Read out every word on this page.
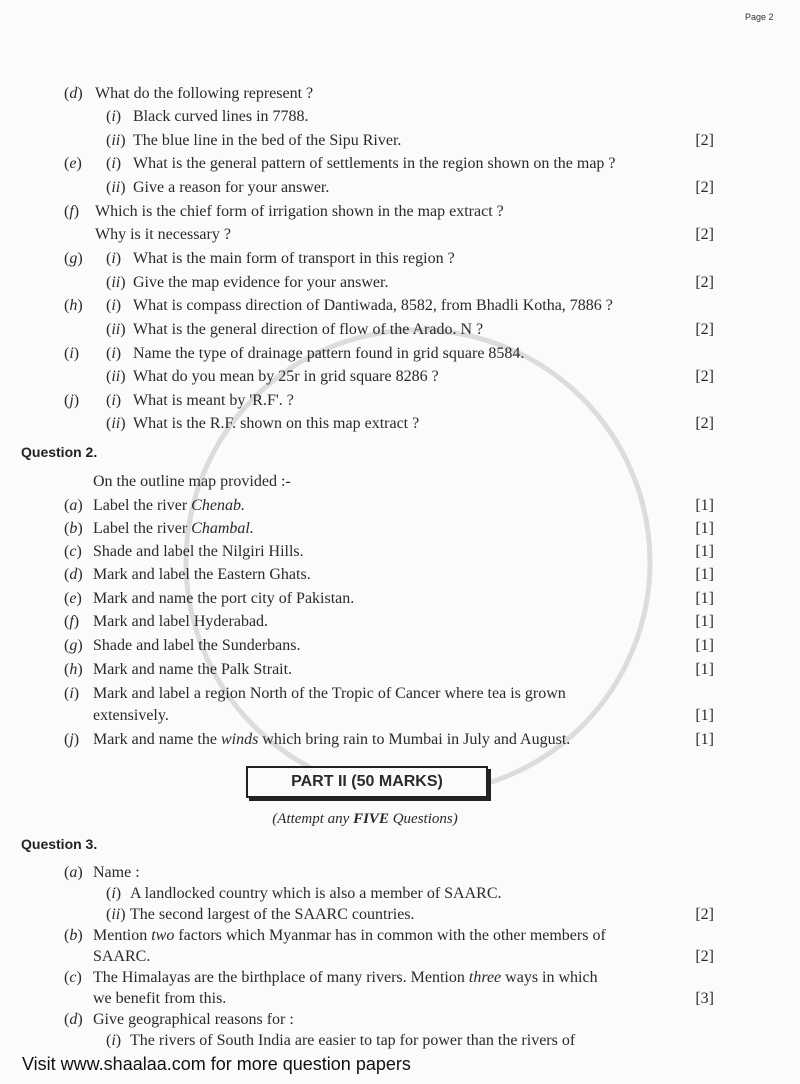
Page 2
( d )	What do the following represent ?
( i )	Black curved lines in 7788.
( ii ) The blue line in the bed of the Sipu River.	[2]
( e )	( i )	What is the general pattern of settlements in the region shown on the map ?
( ii ) Give a reason for your answer.	[2]
( f )	Which is the chief form of irrigation shown in the map extract ?
Why is it necessary ?	[2]
( g )	( i )	What is the main form of transport in this region ?
( ii ) Give the map evidence for your answer.	[2]
( h )	( i )	What is compass direction of Dantiwada, 8582, from Bhadli Kotha, 7886 ?
( ii ) What is the general direction of flow of the Arado. N ?	[2]
( i )	( i )	Name the type of drainage pattern found in grid square 8584.
( ii ) What do you mean by 25r in grid square 8286 ?	[2]
( j )	( i )	What is meant by 'R.F'. ?
( ii ) What is the R.F. shown on this map extract ?	[2]
Question 2.
On the outline map provided :-
( a ) Label the river Chenab.	[1]
( b ) Label the river Chambal.	[1]
( c )	Shade and label the Nilgiri Hills.	[1]
( d ) Mark and label the Eastern Ghats.	[1]
( e )	Mark and name the port city of Pakistan.	[1]
( f )	Mark and label Hyderabad.	[1]
( g ) Shade and label the Sunderbans.	[1]
( h ) Mark and name the Palk Strait.	[1]
( i )	Mark and label a region North of the Tropic of Cancer where tea is grown
extensively.	[1]
( j )	Mark and name the winds which bring rain to Mumbai in July and August.	[1]
PART II (50 MARKS)
(Attempt any FIVE Questions)
Question 3.
( a ) Name :
( i ) A landlocked country which is also a member of SAARC.
( ii ) The second largest of the SAARC countries.	[2]
( b ) Mention two factors which Myanmar has in common with the other members of
SAARC.	[2]
( c )	The Himalayas are the birthplace of many rivers. Mention three ways in which
we benefit from this.	[3]
( d ) Give geographical reasons for :
( i ) The rivers of South India are easier to tap for power than the rivers of
Visit www.shaalaa.com for more question papers
